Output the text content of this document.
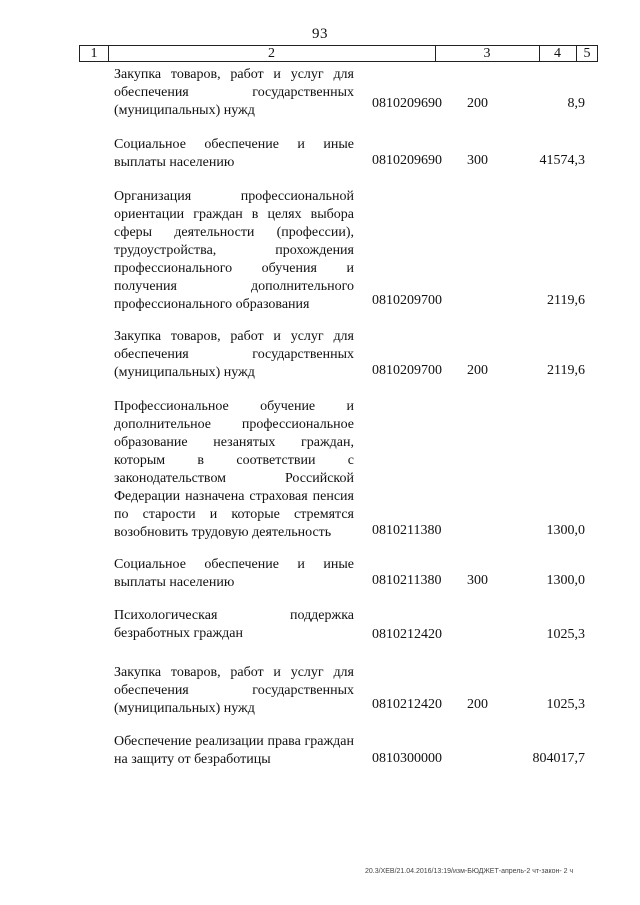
93
1	2	3	4	5
Закупка товаров, работ и услуг для обеспечения государственных (муниципальных) нужд	0810209690 200	8,9
Социальное обеспечение и иные выплаты населению	0810209690 300	41574,3
Организация профессиональной ориентации граждан в целях выбора сферы деятельности (профессии), трудоустройства, прохождения профессионального обучения и получения дополнительного профессионального образования	0810209700	2119,6
Закупка товаров, работ и услуг для обеспечения государственных (муниципальных) нужд	0810209700 200	2119,6
Профессиональное обучение и дополнительное профессиональное образование незанятых граждан, которым в соответствии с законодательством Российской Федерации назначена страховая пенсия по старости и которые стремятся возобновить трудовую деятельность	0810211380	1300,0
Социальное обеспечение и иные выплаты населению	0810211380 300	1300,0
Психологическая поддержка безработных граждан	0810212420	1025,3
Закупка товаров, работ и услуг для обеспечения государственных (муниципальных) нужд	0810212420 200	1025,3
Обеспечение реализации права граждан на защиту от безработицы	0810300000	804017,7
20.3/ХЕВ/21.04.2016/13:19/изм-БЮДЖЕТ-апрель-2 чт-закон- 2 ч
